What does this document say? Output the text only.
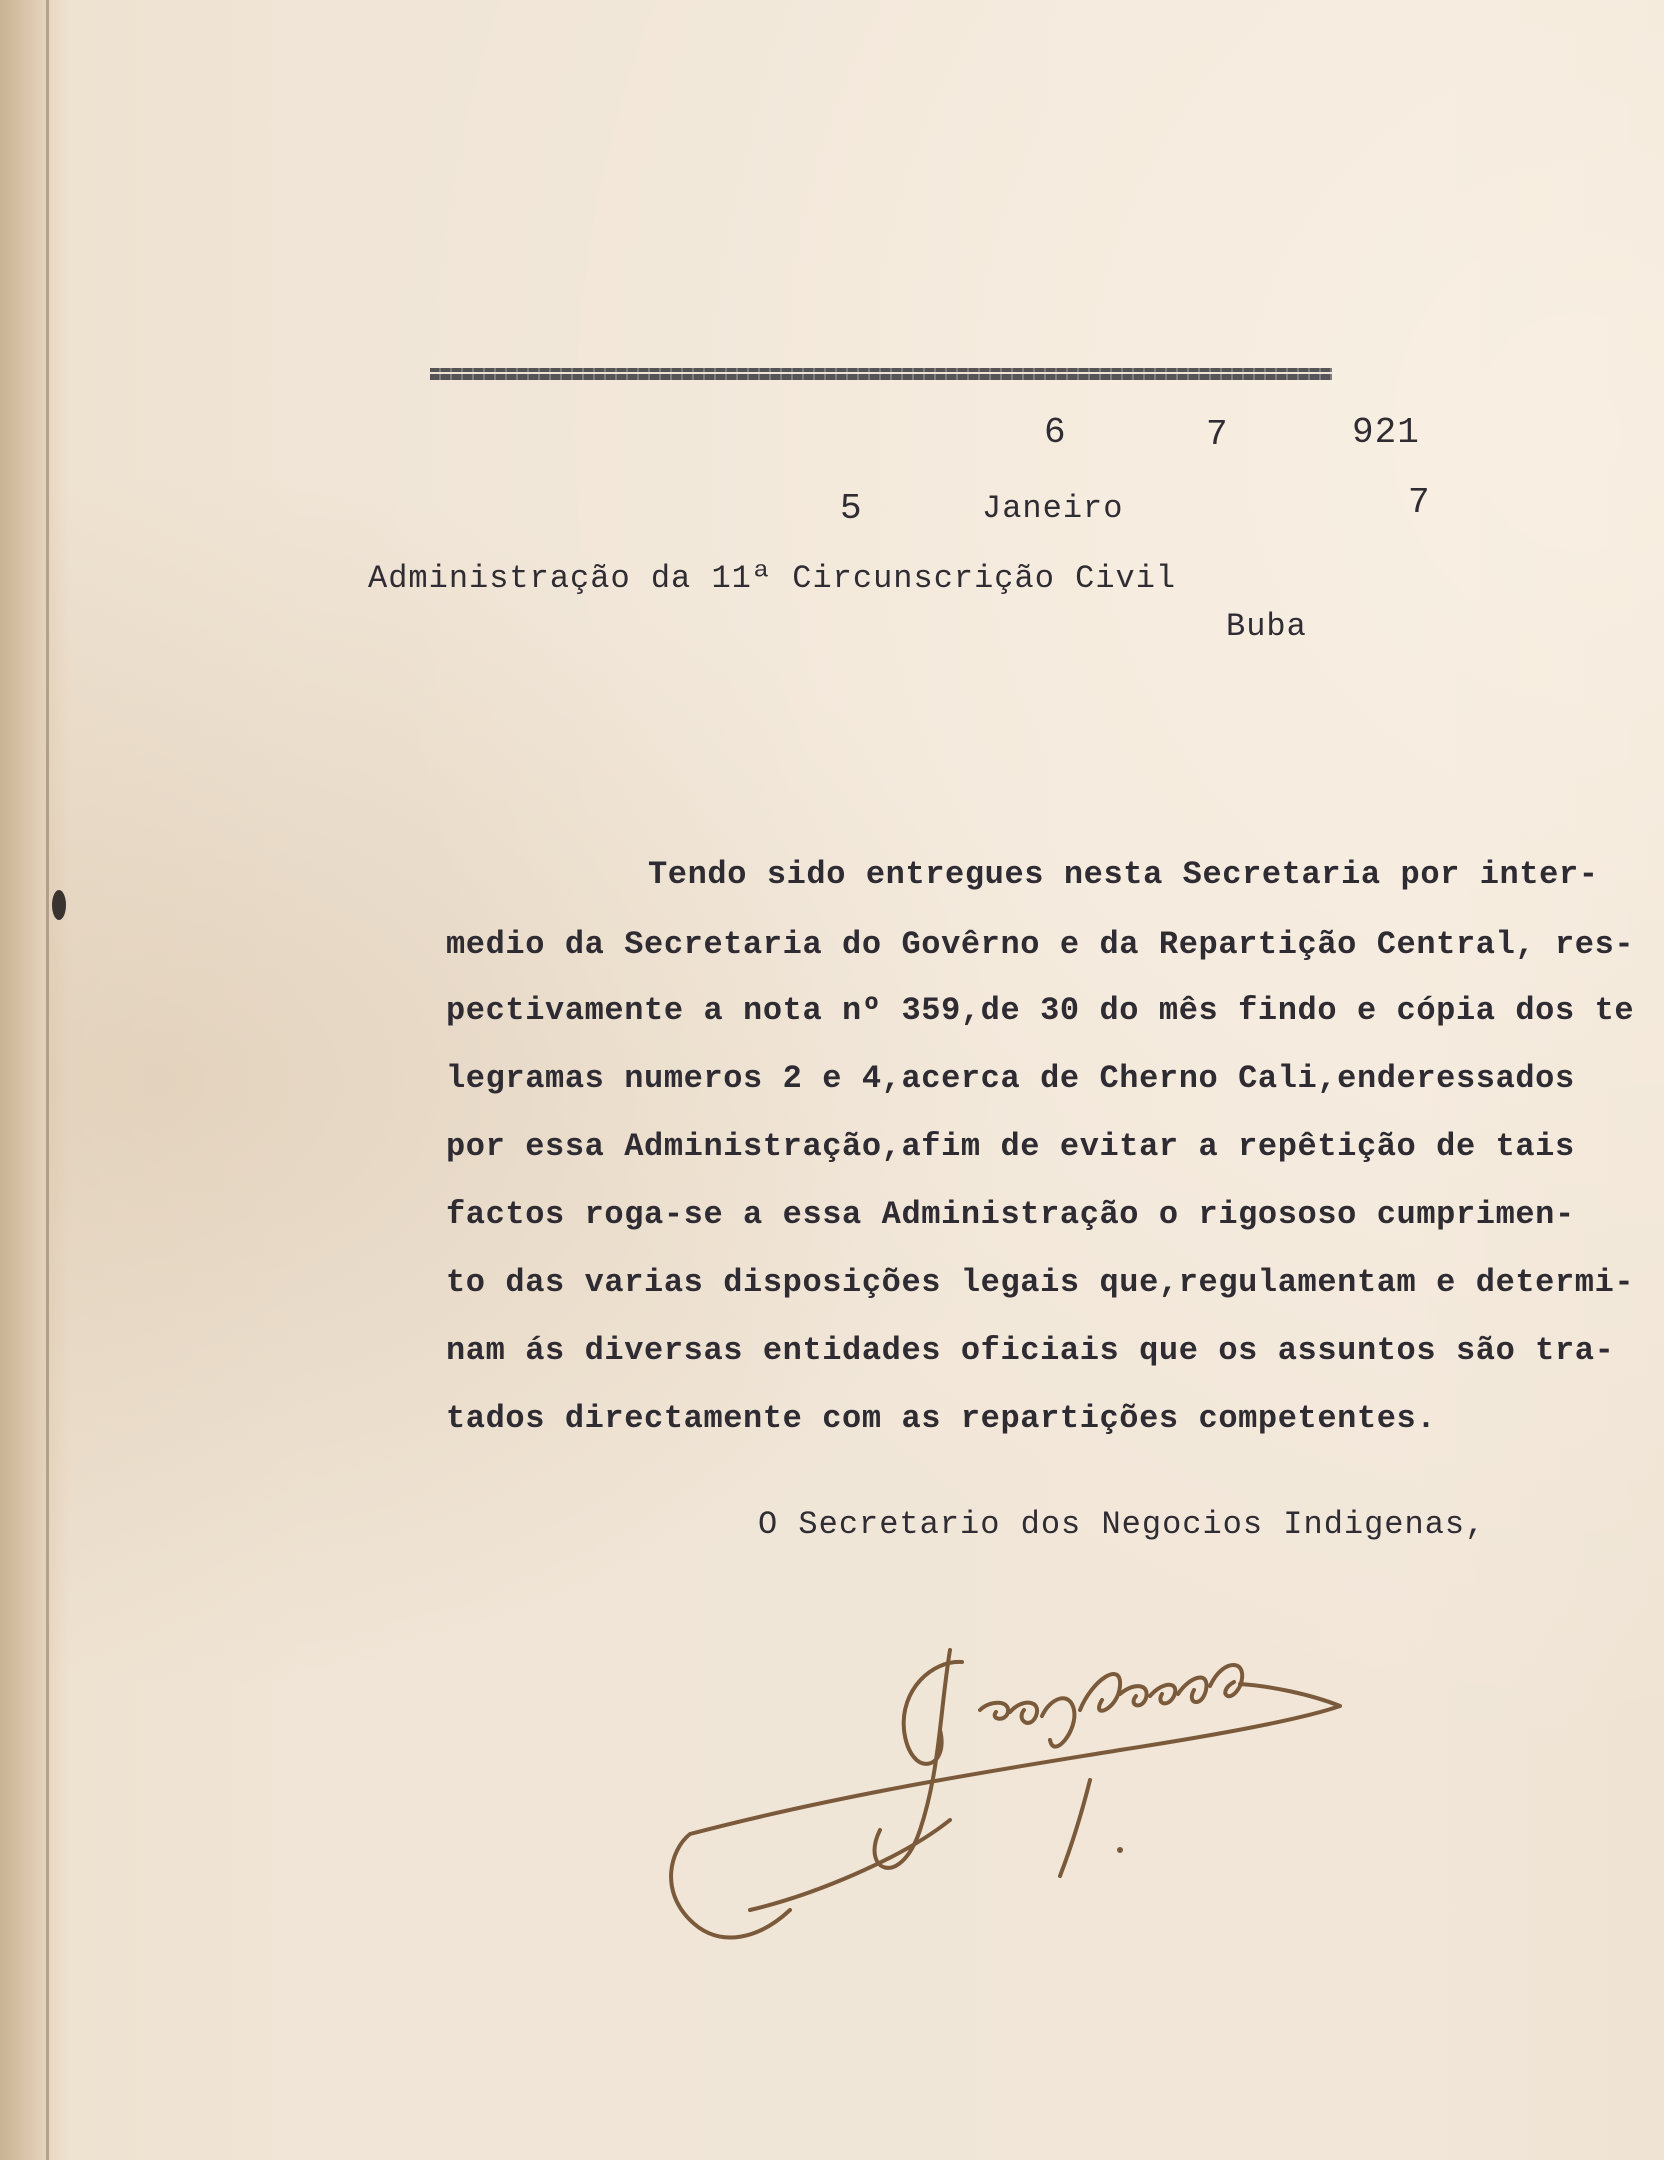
6	7	921
5	Janeiro	7
Administração da 11ª Circunscrição Civil
Buba
Tendo sido entregues nesta Secretaria por inter-
medio da Secretaria do Govêrno e da Repartição Central, res-
pectivamente a nota nº 359,de 30 do mês findo e cópia dos te
legramas numeros 2 e 4,acerca de Cherno Cali,enderessados
por essa Administração,afim de evitar a repêtição de tais
factos roga-se a essa Administração o rigososo cumprimen-
to das varias disposições legais que,regulamentam e determi-
nam ás diversas entidades oficiais que os assuntos são tra-
tados directamente com as repartições competentes.
O Secretario dos Negocios Indigenas,
